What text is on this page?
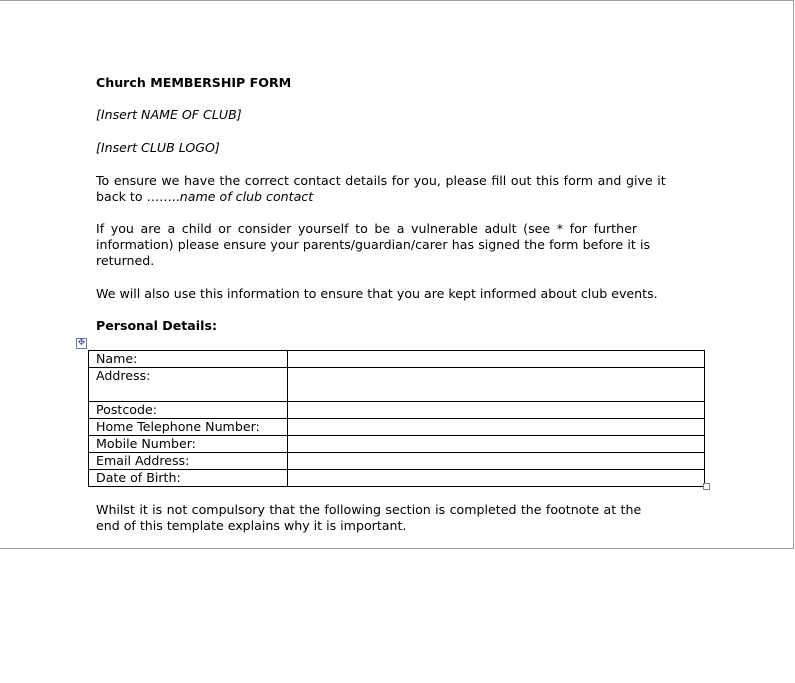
Church MEMBERSHIP FORM
[Insert NAME OF CLUB]
[Insert CLUB LOGO]
To ensure we have the correct contact details for you, please fill out this form and give it
back to ……..name of club contact
If you are a child or consider yourself to be a vulnerable adult (see * for further
information) please ensure your parents/guardian/carer has signed the form before it is
returned.
We will also use this information to ensure that you are kept informed about club events.
Personal Details:
Whilst it is not compulsory that the following section is completed the footnote at the
end of this template explains why it is important.
✥
Name:	
Address:	
Postcode:	
Home Telephone Number:	
Mobile Number:	
Email Address:	
Date of Birth:	
